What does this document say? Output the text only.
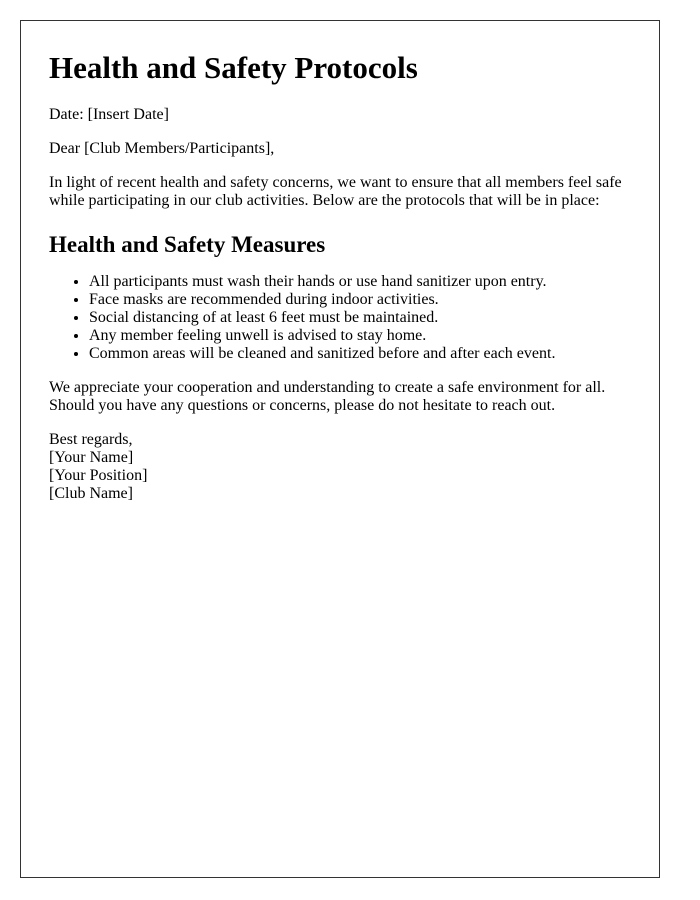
Health and Safety Protocols

Date: [Insert Date]

Dear [Club Members/Participants],

In light of recent health and safety concerns, we want to ensure that all members feel safe while participating in our club activities. Below are the protocols that will be in place:

Health and Safety Measures
• All participants must wash their hands or use hand sanitizer upon entry.
• Face masks are recommended during indoor activities.
• Social distancing of at least 6 feet must be maintained.
• Any member feeling unwell is advised to stay home.
• Common areas will be cleaned and sanitized before and after each event.

We appreciate your cooperation and understanding to create a safe environment for all. Should you have any questions or concerns, please do not hesitate to reach out.

Best regards,

[Your Name]

[Your Position]

[Club Name]
